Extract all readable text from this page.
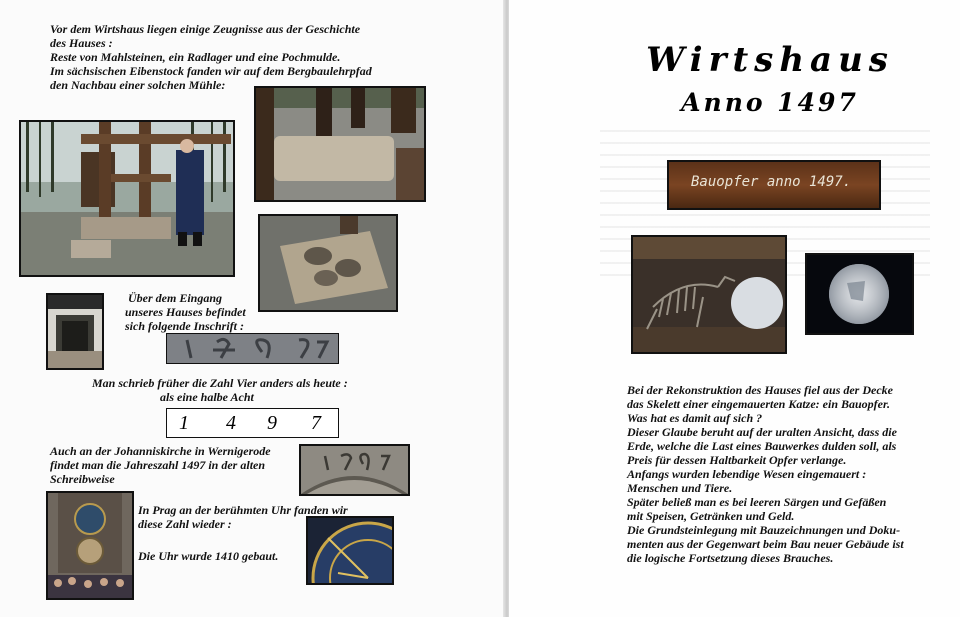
Vor dem Wirtshaus liegen einige Zeugnisse aus der Geschichte
des Hauses :
Reste von Mahlsteinen, ein Radlager und eine Pochmulde.
Im sächsischen Eibenstock fanden wir auf dem Bergbaulehrpfad
den Nachbau einer solchen Mühle:
Über dem Eingang
unseres Hauses befindet
sich folgende Inschrift :
Man schrieb früher die Zahl Vier anders als heute :
als eine halbe Acht
1 4 9 7
Auch an der Johanniskirche in Wernigerode
findet man die Jahreszahl 1497 in der alten
Schreibweise
In Prag an der berühmten Uhr fanden wir
diese Zahl wieder :
Die Uhr wurde 1410 gebaut.
Wirtshaus
Anno 1497
Bauopfer anno 1497.
Bei der Rekonstruktion des Hauses fiel aus der Decke
das Skelett einer eingemauerten Katze: ein Bauopfer.
Was hat es damit auf sich ?
Dieser Glaube beruht auf der uralten Ansicht, dass die
Erde, welche die Last eines Bauwerkes dulden soll, als
Preis für dessen Haltbarkeit Opfer verlange.
Anfangs wurden lebendige Wesen eingemauert :
Menschen und Tiere.
Später beließ man es bei leeren Särgen und Gefäßen
mit Speisen, Getränken und Geld.
Die Grundsteinlegung mit Bauzeichnungen und Doku-
menten aus der Gegenwart beim Bau neuer Gebäude ist
die logische Fortsetzung dieses Brauches.
